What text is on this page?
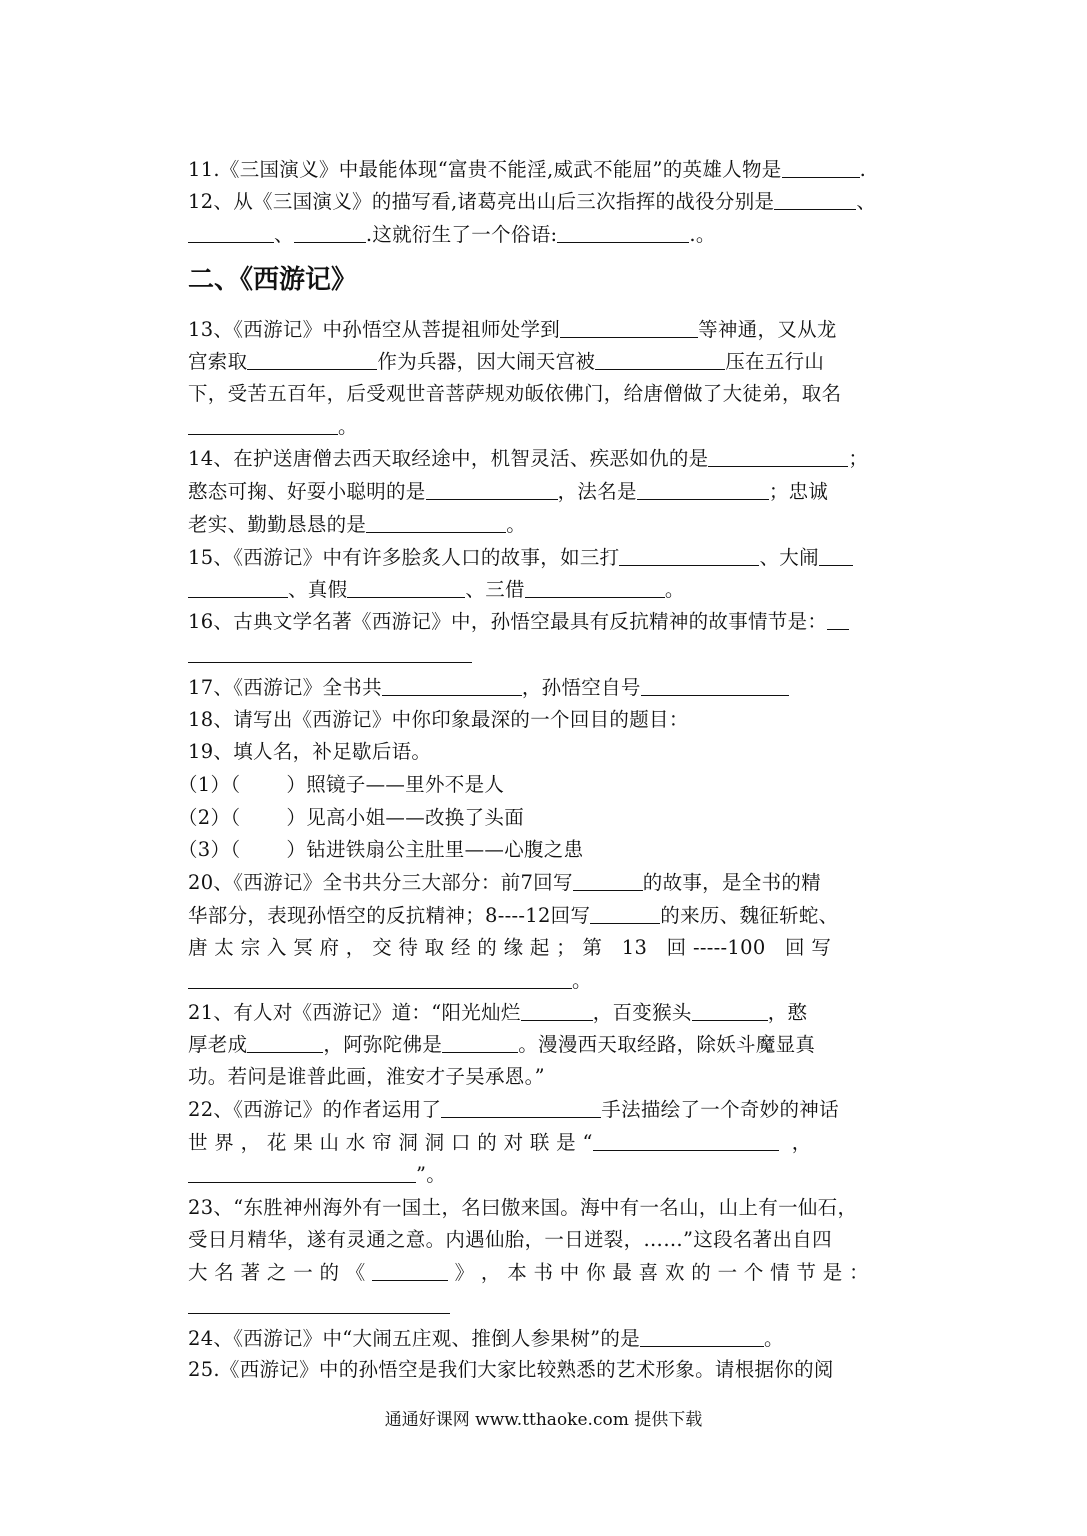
11.《三国演义》中最能体现“富贵不能淫,威武不能屈”的英雄人物是	.
12、从《三国演义》的描写看,诸葛亮出山后三次指挥的战役分别是	、
、	.这就衍生了一个俗语:	.。
二、《西游记》
13、《西游记》中孙悟空从菩提祖师处学到	等神通，又从龙
宫索取	作为兵器，因大闹天宫被	压在五行山
下，受苦五百年，后受观世音菩萨规劝皈依佛门，给唐僧做了大徒弟，取名
。
14、在护送唐僧去西天取经途中，机智灵活、疾恶如仇的是	；
憨态可掬、好耍小聪明的是	，法名是	；忠诚
老实、勤勤恳恳的是	。
15、《西游记》中有许多脍炙人口的故事，如三打	、大闹
、真假	、三借	。
16、古典文学名著《西游记》中，孙悟空最具有反抗精神的故事情节是：
17、《西游记》全书共	，孙悟空自号
18、请写出《西游记》中你印象最深的一个回目的题目：
19、填人名，补足歇后语。
（1）（ ）照镜子——里外不是人
（2）（ ）见高小姐——改换了头面
（3）（ ）钻进铁扇公主肚里——心腹之患
20、《西游记》全书共分三大部分：前7回写	的故事，是全书的精
华部分，表现孙悟空的反抗精神；8----12回写	的来历、魏征斩蛇、
唐 太 宗 入 冥 府 ， 交 待 取 经 的 缘 起 ； 第   13   回 -----100   回 写
。
21、有人对《西游记》道：“阳光灿烂	，百变猴头	，憨
厚老成	，阿弥陀佛是	。漫漫西天取经路，除妖斗魔显真
功。若问是谁普此画，淮安才子吴承恩。”
22、《西游记》的作者运用了	手法描绘了一个奇妙的神话
世 界 ， 花 果 山 水 帘 洞 洞 口 的 对 联 是 “	，
”。
23、“东胜神州海外有一国土，名曰傲来国。海中有一名山，山上有一仙石，
受日月精华，遂有灵通之意。内遇仙胎，一日迸裂，……”这段名著出自四
大 名 著 之 一 的 《	》 ， 本 书 中 你 最 喜 欢 的 一 个 情 节 是 ：
24、《西游记》中“大闹五庄观、推倒人参果树”的是	。
25.《西游记》中的孙悟空是我们大家比较熟悉的艺术形象。请根据你的阅
通通好课网 www.tthaoke.com 提供下载
